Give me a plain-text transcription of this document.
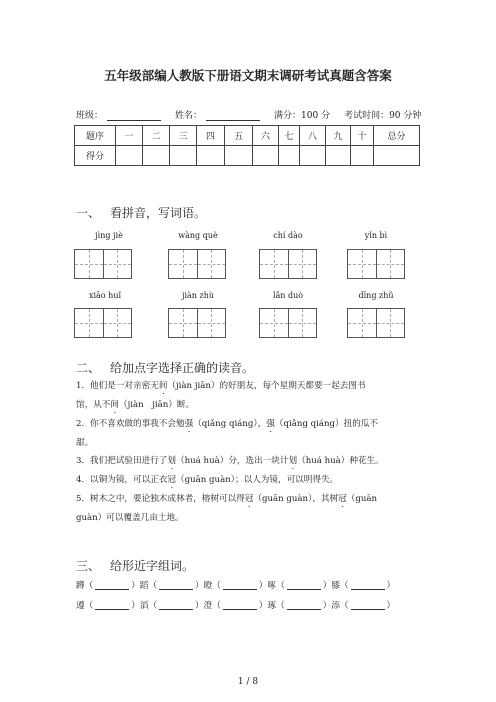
五年级部编人教版下册语文期末调研考试真题含答案
班级：	姓名：	满分：100 分 考试时间：90 分钟
题序	一	二	三	四	五	六	七	八	九	十	总分
得分											
一、 看拼音，写词语。
jìng jiè	wàng què	chí dào	yǐn bì
xiāo huǐ	jiàn zhù	lǎn duò	dīng zhǔ
二、 给加点字选择正确的读音。
1．他们是一对亲密无间（jiàn jiān）的好朋友，每个星期天都要一起去图书
馆，从不间（jiàn　jiān）断。
2．你不喜欢做的事我不会勉强（qiǎng qiáng），强（qiǎng qiáng）扭的瓜不
甜。
3．我们把试验田进行了划（huá huà）分，选出一块计划（huá huà）种花生。
4．以铜为镜，可以正衣冠（guān guàn）；以人为镜，可以明得失。
5．树木之中，要论独木成林者，榕树可以得冠（guān guàn），其树冠（guān
guàn）可以覆盖几亩土地。
三、 给形近字组词。
蹲 （	） 蹈 （	） 瞪 （	） 啄 （	） 膝 （	）
遵 （	） 滔 （	） 澄 （	） 琢 （	） 添 （	）
1 / 8
